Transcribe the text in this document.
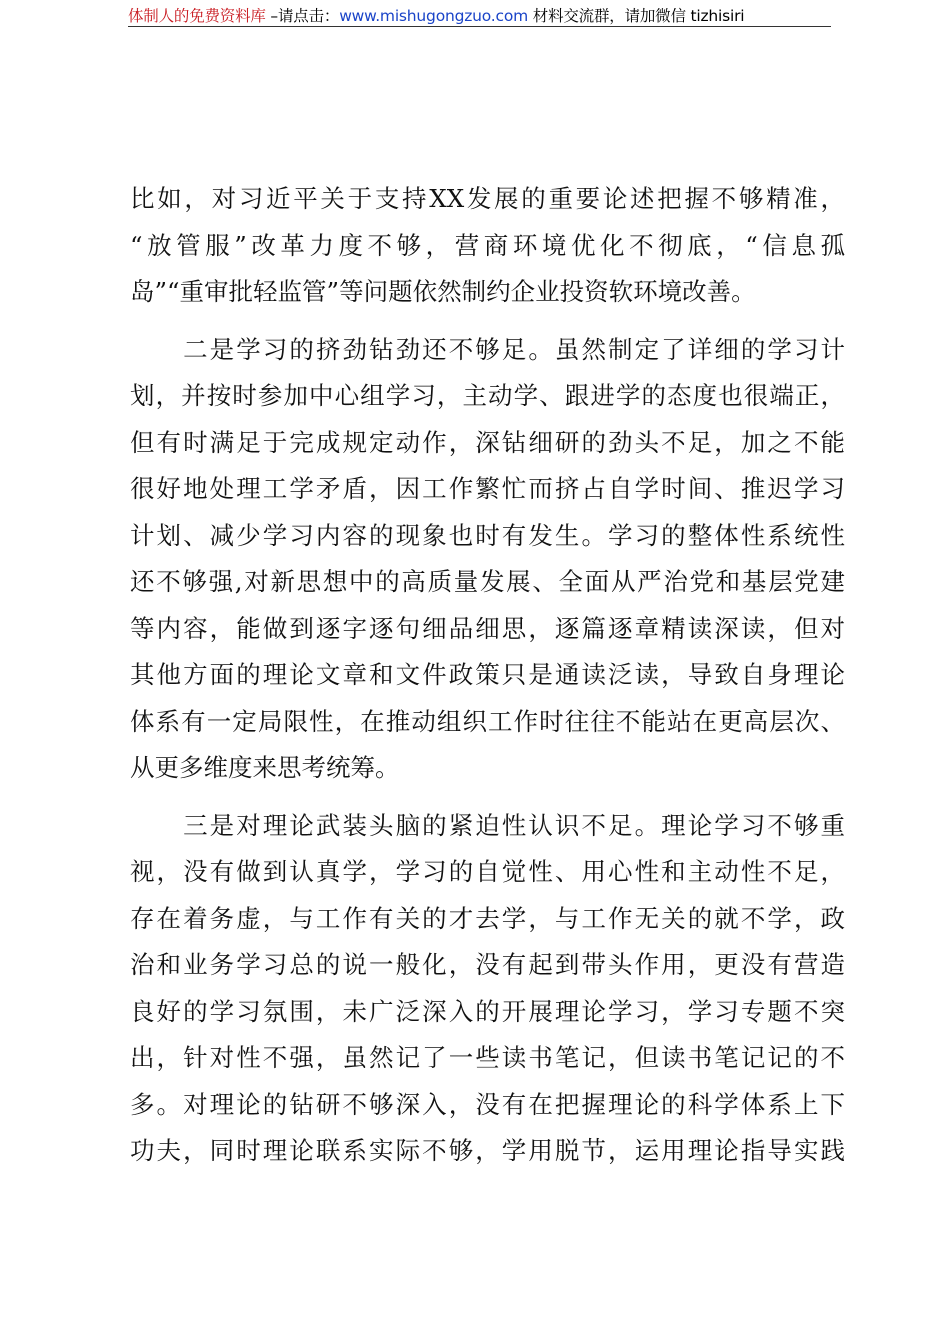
体制人的免费资料库 –请点击：www.mishugongzuo.com 材料交流群，请加微信 tizhisiri
比如，对习近平关于支持XX发展的重要论述把握不够精准，
“放管服”改革力度不够，营商环境优化不彻底，“信息孤
岛”“重审批轻监管”等问题依然制约企业投资软环境改善。
　　二是学习的挤劲钻劲还不够足。虽然制定了详细的学习计
划，并按时参加中心组学习，主动学、跟进学的态度也很端正，
但有时满足于完成规定动作，深钻细研的劲头不足，加之不能
很好地处理工学矛盾，因工作繁忙而挤占自学时间、推迟学习
计划、减少学习内容的现象也时有发生。学习的整体性系统性
还不够强,对新思想中的高质量发展、全面从严治党和基层党建
等内容，能做到逐字逐句细品细思，逐篇逐章精读深读，但对
其他方面的理论文章和文件政策只是通读泛读，导致自身理论
体系有一定局限性，在推动组织工作时往往不能站在更高层次、
从更多维度来思考统筹。
　　三是对理论武装头脑的紧迫性认识不足。理论学习不够重
视，没有做到认真学，学习的自觉性、用心性和主动性不足，
存在着务虚，与工作有关的才去学，与工作无关的就不学，政
治和业务学习总的说一般化，没有起到带头作用，更没有营造
良好的学习氛围，未广泛深入的开展理论学习，学习专题不突
出，针对性不强，虽然记了一些读书笔记，但读书笔记记的不
多。对理论的钻研不够深入，没有在把握理论的科学体系上下
功夫，同时理论联系实际不够，学用脱节，运用理论指导实践
